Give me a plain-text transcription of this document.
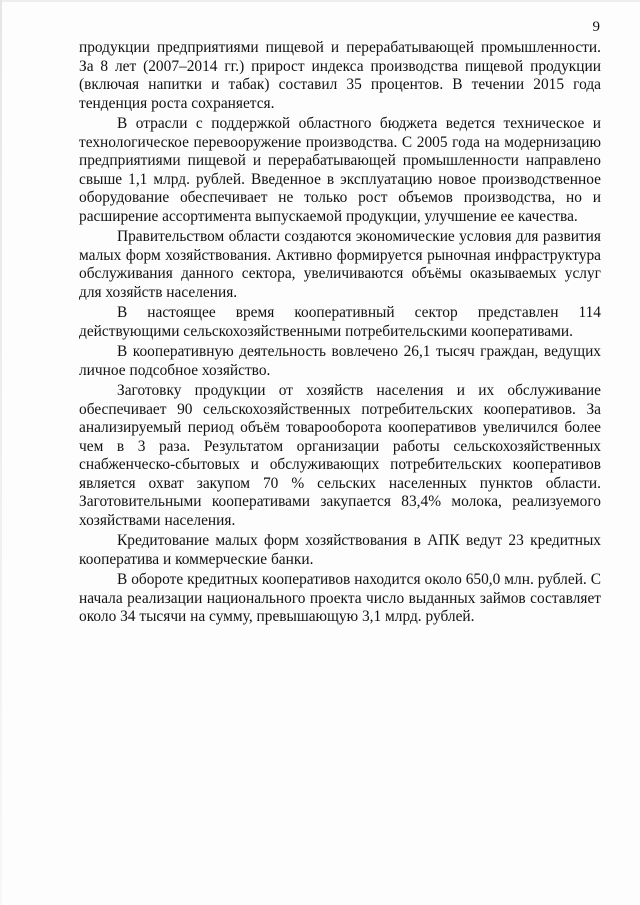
9

продукции предприятиями пищевой и перерабатывающей промышленности. За 8 лет (2007–2014 гг.) прирост индекса производства пищевой продукции (включая напитки и табак) составил 35 процентов. В течении 2015 года тенденция роста сохраняется.

В отрасли с поддержкой областного бюджета ведется техническое и технологическое перевооружение производства. С 2005 года на модернизацию предприятиями пищевой и перерабатывающей промышленности направлено свыше 1,1 млрд. рублей. Введенное в эксплуатацию новое производственное оборудование обеспечивает не только рост объемов производства, но и расширение ассортимента выпускаемой продукции, улучшение ее качества.

Правительством области создаются экономические условия для развития малых форм хозяйствования. Активно формируется рыночная инфраструктура обслуживания данного сектора, увеличиваются объёмы оказываемых услуг для хозяйств населения.

В настоящее время кооперативный сектор представлен 114 действующими сельскохозяйственными потребительскими кооперативами.

В кооперативную деятельность вовлечено 26,1 тысяч граждан, ведущих личное подсобное хозяйство.

Заготовку продукции от хозяйств населения и их обслуживание обеспечивает 90 сельскохозяйственных потребительских кооперативов. За анализируемый период объём товарооборота кооперативов увеличился более чем в 3 раза. Результатом организации работы сельскохозяйственных снабженческо-сбытовых и обслуживающих потребительских кооперативов является охват закупом 70 % сельских населенных пунктов области. Заготовительными кооперативами закупается 83,4% молока, реализуемого хозяйствами населения.

Кредитование малых форм хозяйствования в АПК ведут 23 кредитных кооператива и коммерческие банки.

В обороте кредитных кооперативов находится около 650,0 млн. рублей. С начала реализации национального проекта число выданных займов составляет около 34 тысячи на сумму, превышающую 3,1 млрд. рублей.
